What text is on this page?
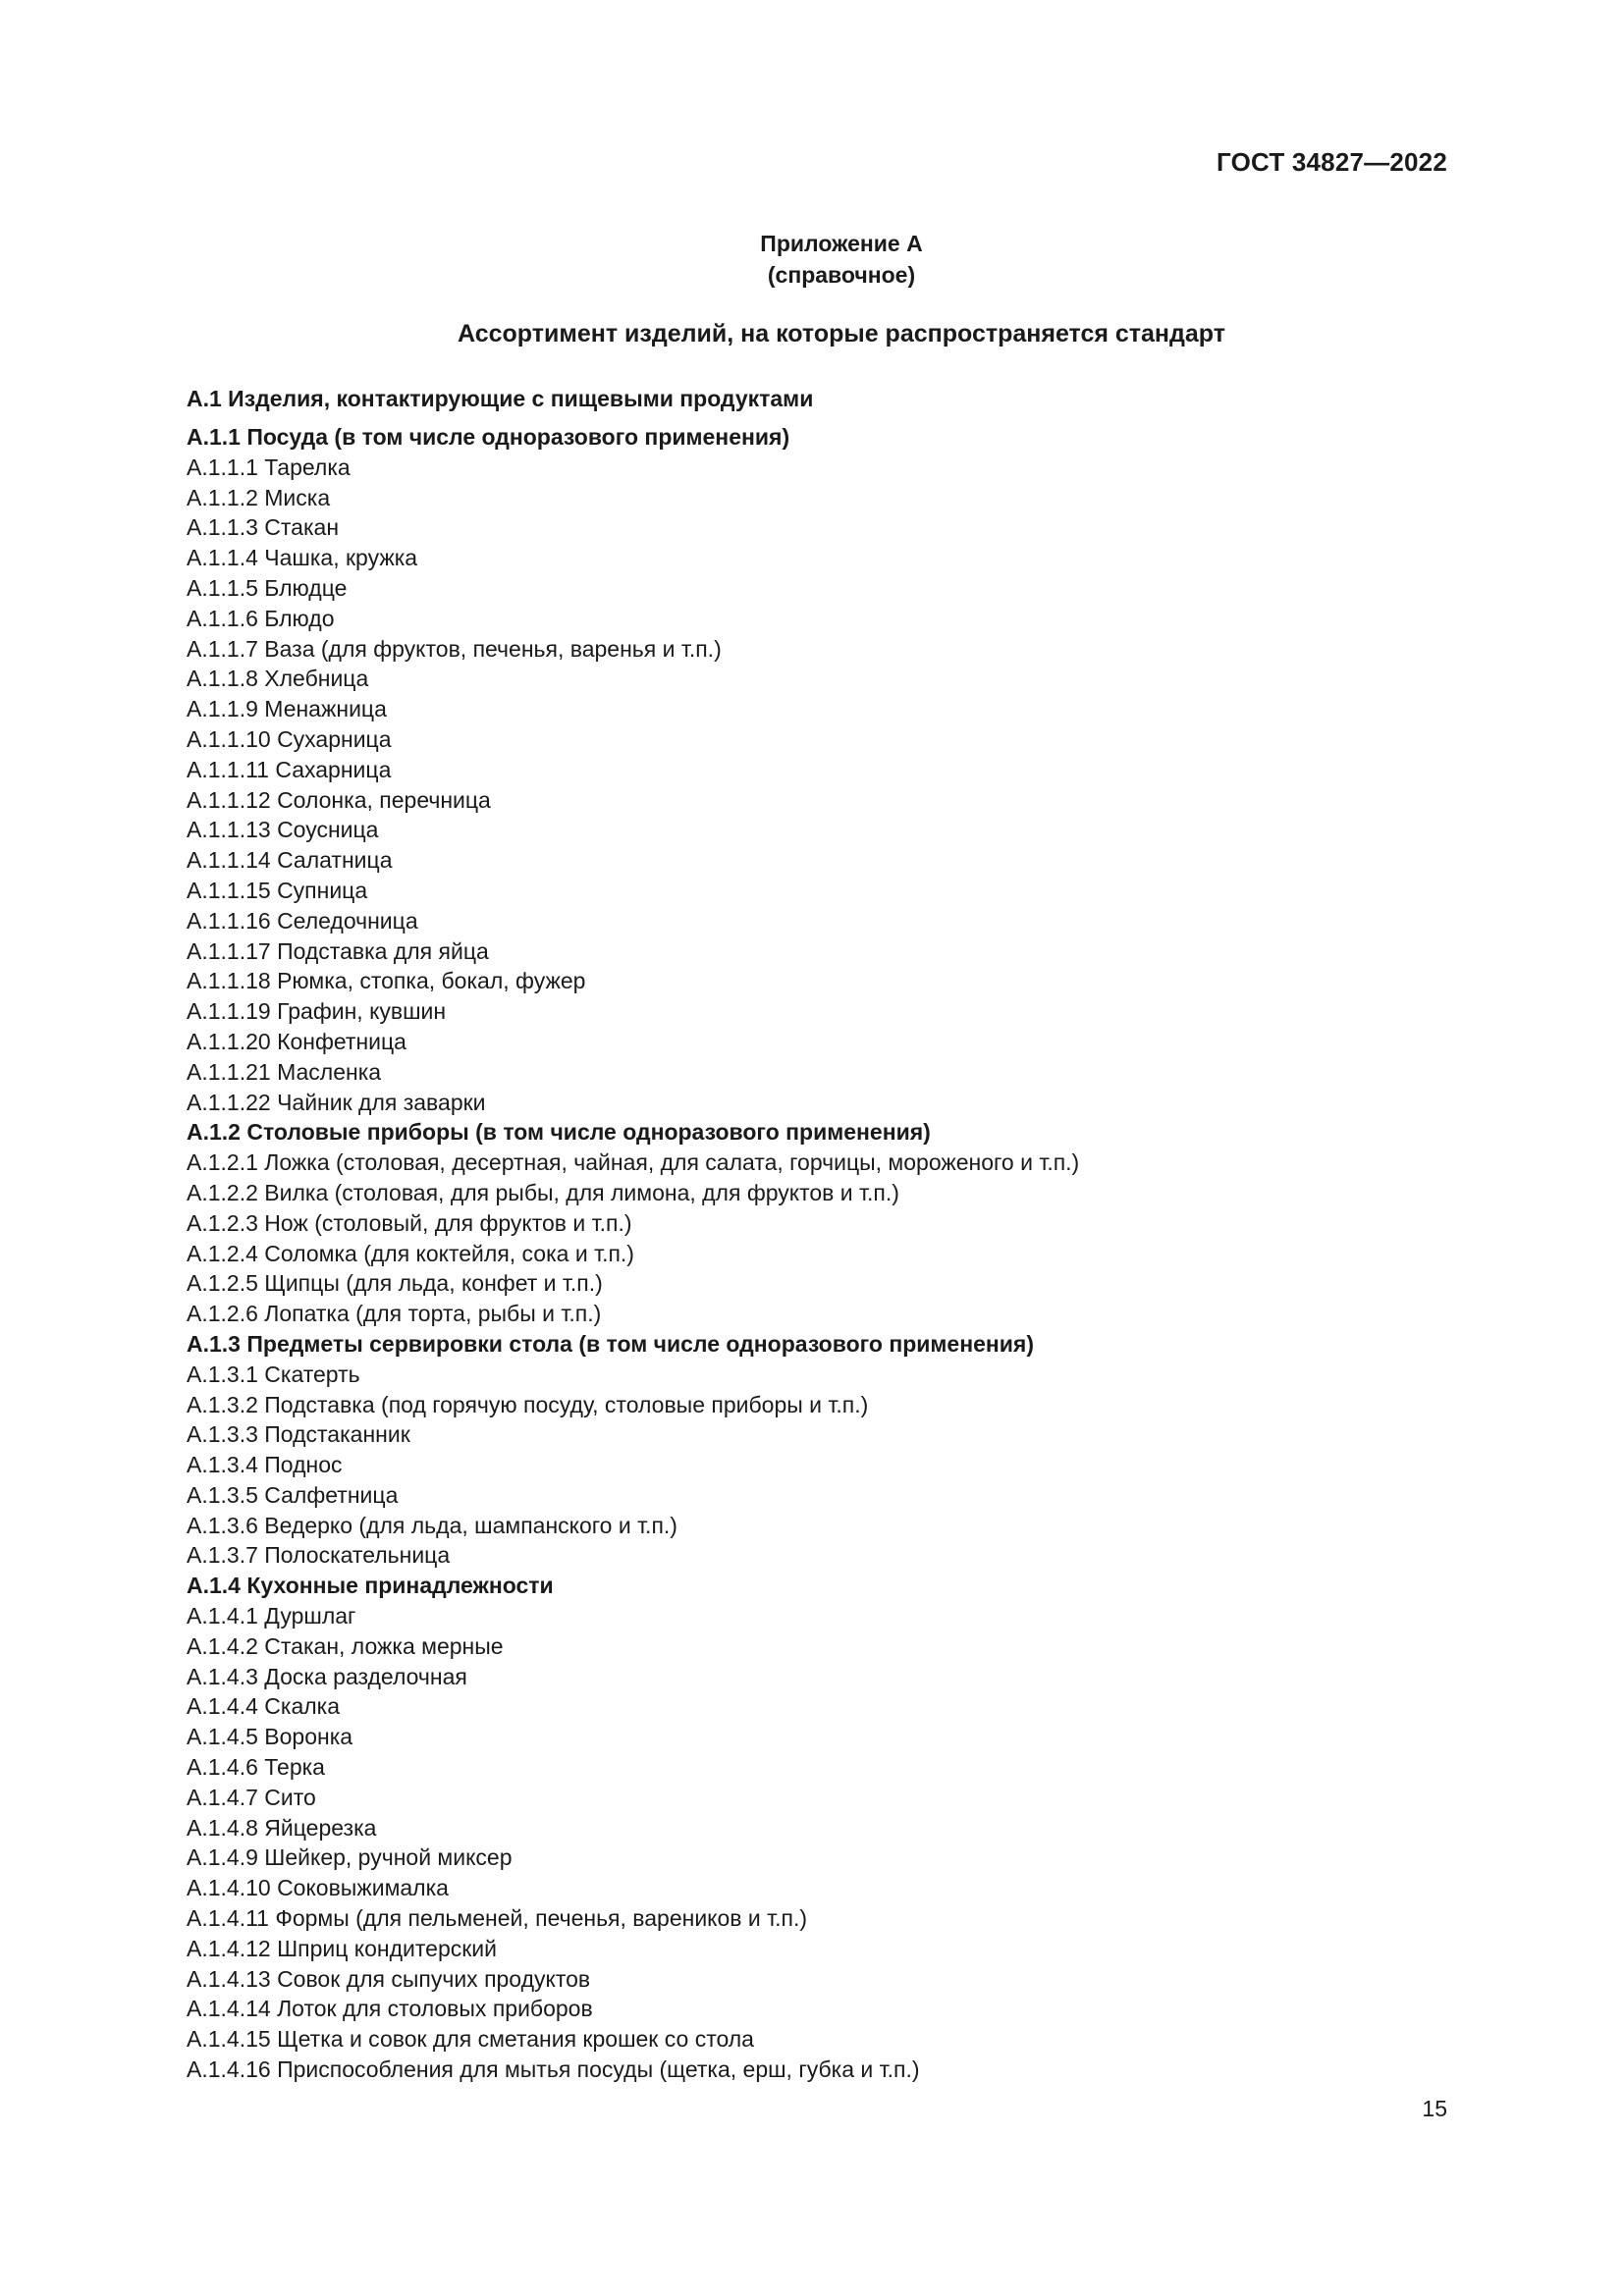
ГОСТ 34827—2022
Приложение А
(справочное)
Ассортимент изделий, на которые распространяется стандарт
А.1 Изделия, контактирующие с пищевыми продуктами
А.1.1 Посуда (в том числе одноразового применения)
А.1.1.1 Тарелка
А.1.1.2 Миска
А.1.1.3 Стакан
А.1.1.4 Чашка, кружка
А.1.1.5 Блюдце
А.1.1.6 Блюдо
А.1.1.7 Ваза (для фруктов, печенья, варенья и т.п.)
А.1.1.8 Хлебница
А.1.1.9 Менажница
А.1.1.10 Сухарница
А.1.1.11 Сахарница
А.1.1.12 Солонка, перечница
А.1.1.13 Соусница
А.1.1.14 Салатница
А.1.1.15 Супница
А.1.1.16 Селедочница
А.1.1.17 Подставка для яйца
А.1.1.18 Рюмка, стопка, бокал, фужер
А.1.1.19 Графин, кувшин
А.1.1.20 Конфетница
А.1.1.21 Масленка
А.1.1.22 Чайник для заварки
А.1.2 Столовые приборы (в том числе одноразового применения)
А.1.2.1 Ложка (столовая, десертная, чайная, для салата, горчицы, мороженого и т.п.)
А.1.2.2 Вилка (столовая, для рыбы, для лимона, для фруктов и т.п.)
А.1.2.3 Нож (столовый, для фруктов и т.п.)
А.1.2.4 Соломка (для коктейля, сока и т.п.)
А.1.2.5 Щипцы (для льда, конфет и т.п.)
А.1.2.6 Лопатка (для торта, рыбы и т.п.)
А.1.3 Предметы сервировки стола (в том числе одноразового применения)
А.1.3.1 Скатерть
А.1.3.2 Подставка (под горячую посуду, столовые приборы и т.п.)
А.1.3.3 Подстаканник
А.1.3.4 Поднос
А.1.3.5 Салфетница
А.1.3.6 Ведерко (для льда, шампанского и т.п.)
А.1.3.7 Полоскательница
А.1.4 Кухонные принадлежности
А.1.4.1 Дуршлаг
А.1.4.2 Стакан, ложка мерные
А.1.4.3 Доска разделочная
А.1.4.4 Скалка
А.1.4.5 Воронка
А.1.4.6 Терка
А.1.4.7 Сито
А.1.4.8 Яйцерезка
А.1.4.9 Шейкер, ручной миксер
А.1.4.10 Соковыжималка
А.1.4.11 Формы (для пельменей, печенья, вареников и т.п.)
А.1.4.12 Шприц кондитерский
А.1.4.13 Совок для сыпучих продуктов
А.1.4.14 Лоток для столовых приборов
А.1.4.15 Щетка и совок для сметания крошек со стола
А.1.4.16 Приспособления для мытья посуды (щетка, ерш, губка и т.п.)
15
